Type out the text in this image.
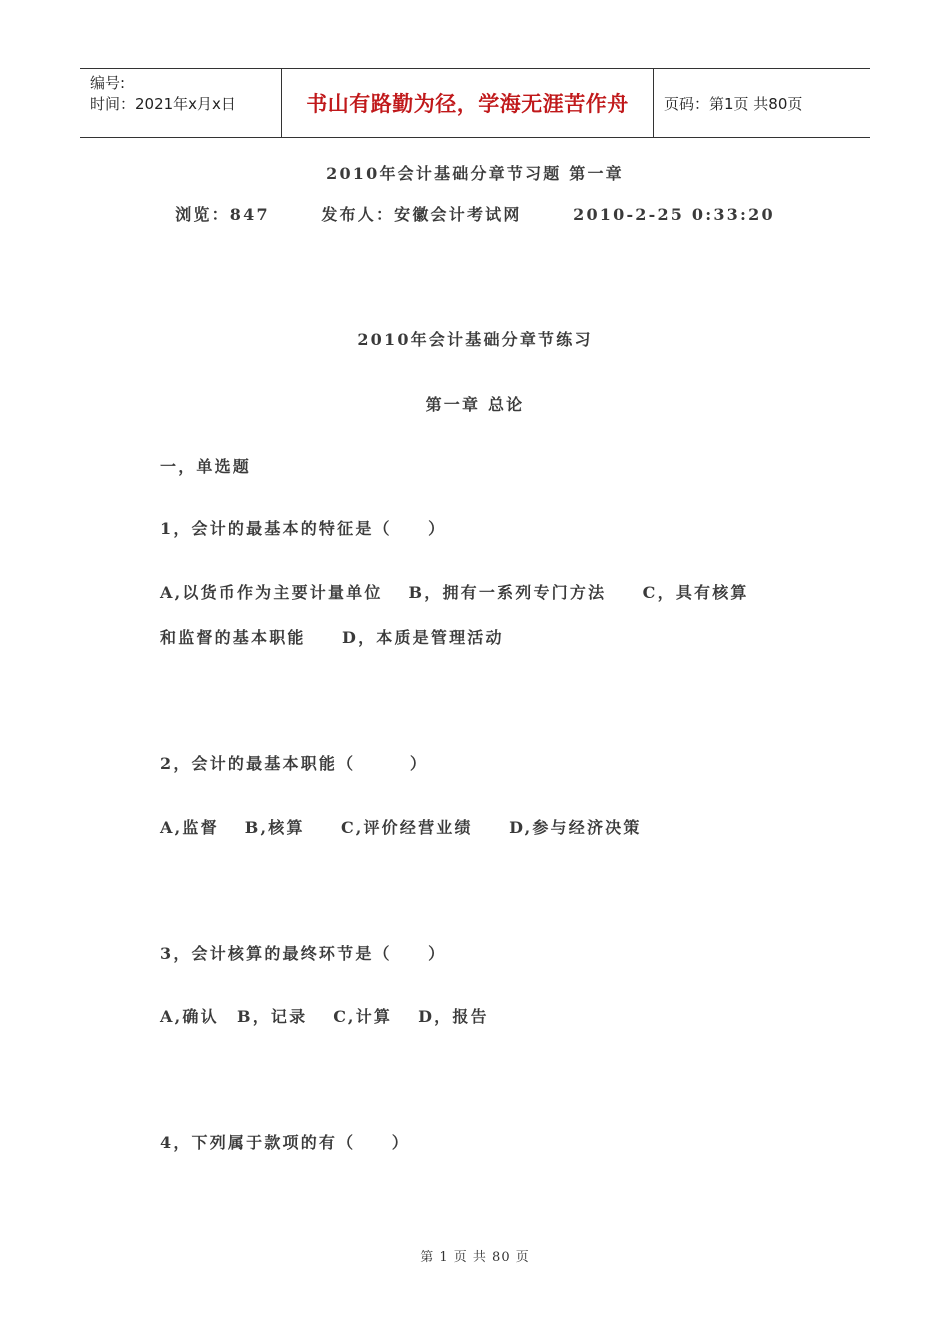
编号:
时间：2021年x月x日	书山有路勤为径，学海无涯苦作舟	页码：第1页 共80页
2010年会计基础分章节习题 第一章
浏览：847	发布人：安徽会计考试网	2010-2-25 0:33:20
2010年会计基础分章节练习
第一章 总论
一，单选题
1，会计的最基本的特征是（　　）
A,以货币作为主要计量单位　 B，拥有一系列专门方法　　C，具有核算
和监督的基本职能　　D，本质是管理活动
2，会计的最基本职能（　　　）
A,监督　 B,核算　　C,评价经营业绩　　D,参与经济决策
3，会计核算的最终环节是（　　）
A,确认　B，记录　 C,计算　 D，报告
4，下列属于款项的有（　　）
第 1 页 共 80 页
